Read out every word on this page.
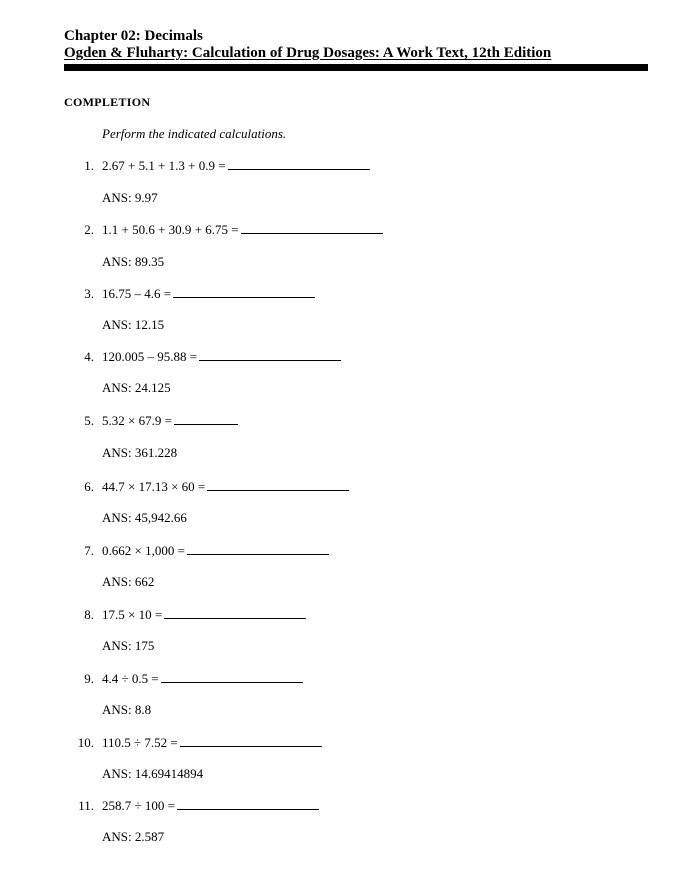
Chapter 02: Decimals

Ogden & Fluharty: Calculation of Drug Dosages: A Work Text, 12th Edition

COMPLETION

Perform the indicated calculations.

1. 2.67 + 5.1 + 1.3 + 0.9 =
ANS: 9.97
2. 1.1 + 50.6 + 30.9 + 6.75 =
ANS: 89.35
3. 16.75 – 4.6 =
ANS: 12.15
4. 120.005 – 95.88 =
ANS: 24.125
5. 5.32 × 67.9 =
ANS: 361.228
6. 44.7 × 17.13 × 60 =
ANS: 45,942.66
7. 0.662 × 1,000 =
ANS: 662
8. 17.5 × 10 =
ANS: 175
9. 4.4 ÷ 0.5 =
ANS: 8.8
10. 110.5 ÷ 7.52 =
ANS: 14.69414894
11. 258.7 ÷ 100 =
ANS: 2.587
